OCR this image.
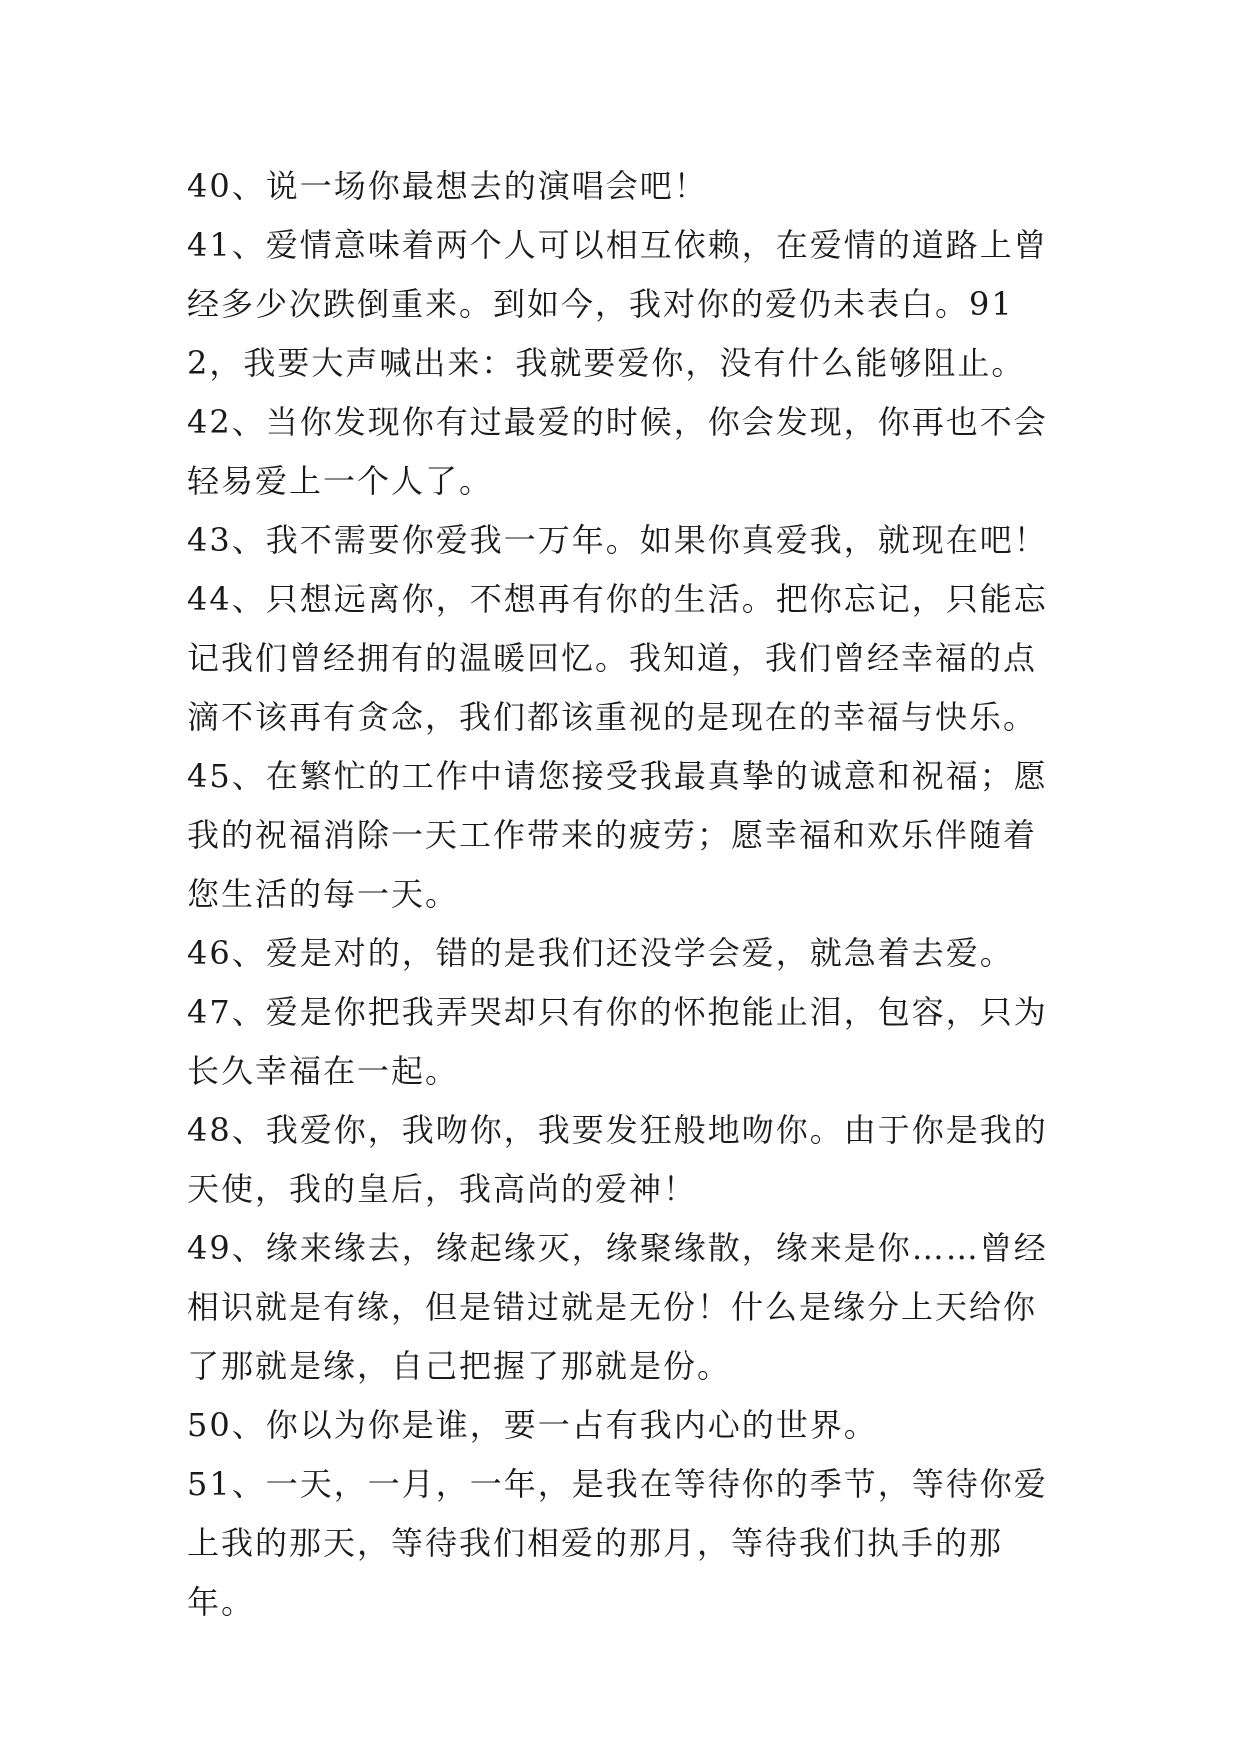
40、说一场你最想去的演唱会吧！

41、爱情意味着两个人可以相互依赖，在爱情的道路上曾经多少次跌倒重来。到如今，我对你的爱仍未表白。912，我要大声喊出来：我就要爱你，没有什么能够阻止。

42、当你发现你有过最爱的时候，你会发现，你再也不会轻易爱上一个人了。

43、我不需要你爱我一万年。如果你真爱我，就现在吧！

44、只想远离你，不想再有你的生活。把你忘记，只能忘记我们曾经拥有的温暖回忆。我知道，我们曾经幸福的点滴不该再有贪念，我们都该重视的是现在的幸福与快乐。

45、在繁忙的工作中请您接受我最真挚的诚意和祝福；愿我的祝福消除一天工作带来的疲劳；愿幸福和欢乐伴随着您生活的每一天。

46、爱是对的，错的是我们还没学会爱，就急着去爱。

47、爱是你把我弄哭却只有你的怀抱能止泪，包容，只为长久幸福在一起。

48、我爱你，我吻你，我要发狂般地吻你。由于你是我的天使，我的皇后，我高尚的爱神！

49、缘来缘去，缘起缘灭，缘聚缘散，缘来是你……曾经相识就是有缘，但是错过就是无份！什么是缘分上天给你了那就是缘，自己把握了那就是份。

50、你以为你是谁，要一占有我内心的世界。

51、一天，一月，一年，是我在等待你的季节，等待你爱上我的那天，等待我们相爱的那月，等待我们执手的那年。
